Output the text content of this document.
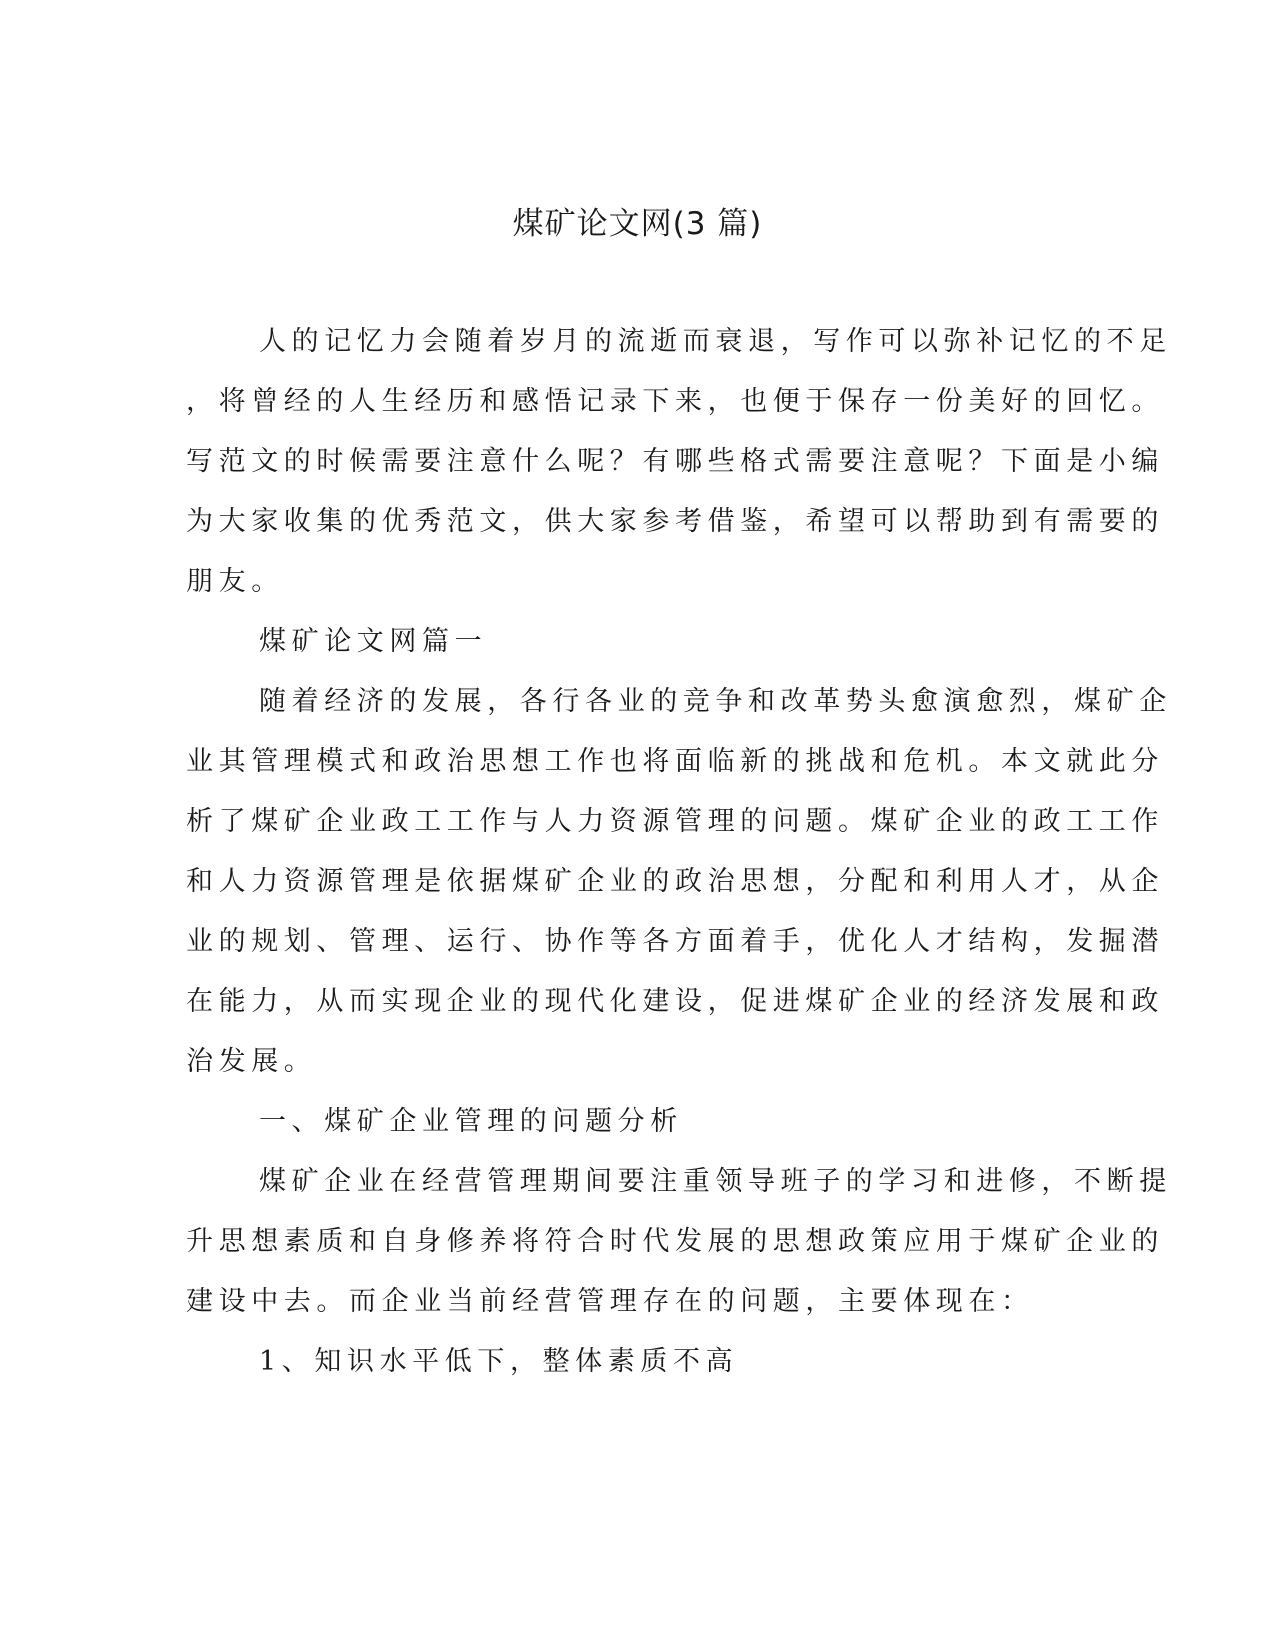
煤矿论文网(3 篇)
人的记忆力会随着岁月的流逝而衰退，写作可以弥补记忆的不足
，将曾经的人生经历和感悟记录下来，也便于保存一份美好的回忆。
写范文的时候需要注意什么呢？有哪些格式需要注意呢？下面是小编
为大家收集的优秀范文，供大家参考借鉴，希望可以帮助到有需要的
朋友。
煤矿论文网篇一
随着经济的发展，各行各业的竞争和改革势头愈演愈烈，煤矿企
业其管理模式和政治思想工作也将面临新的挑战和危机。本文就此分
析了煤矿企业政工工作与人力资源管理的问题。煤矿企业的政工工作
和人力资源管理是依据煤矿企业的政治思想，分配和利用人才，从企
业的规划、管理、运行、协作等各方面着手，优化人才结构，发掘潜
在能力，从而实现企业的现代化建设，促进煤矿企业的经济发展和政
治发展。
一、煤矿企业管理的问题分析
煤矿企业在经营管理期间要注重领导班子的学习和进修，不断提
升思想素质和自身修养将符合时代发展的思想政策应用于煤矿企业的
建设中去。而企业当前经营管理存在的问题，主要体现在：
1、知识水平低下，整体素质不高
